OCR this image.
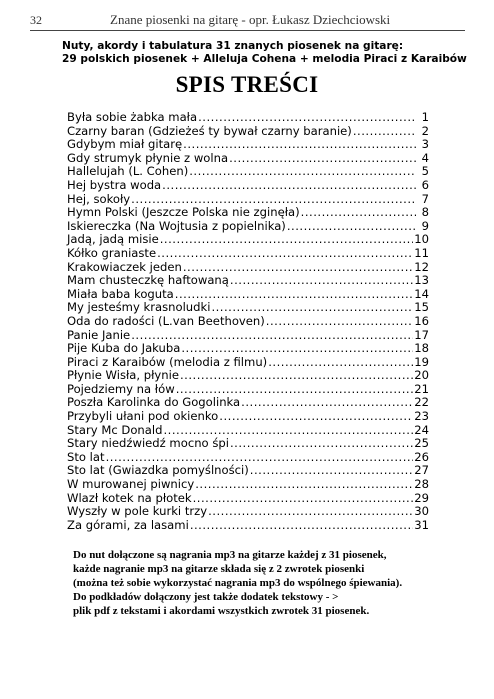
32	Znane piosenki na gitarę - opr. Łukasz Dziechciowski
Nuty, akordy i tabulatura 31 znanych piosenek na gitarę:
29 polskich piosenek + Alleluja Cohena + melodia Piraci z Karaibów
SPIS TREŚCI
Była sobie żabka mała .....	1
Czarny baran (Gdzieżeś ty bywał czarny baranie) .....	2
Gdybym miał gitarę .....	3
Gdy strumyk płynie z wolna .....	4
Hallelujah (L. Cohen) .....	5
Hej bystra woda .....	6
Hej, sokoły .....	7
Hymn Polski (Jeszcze Polska nie zginęła) .....	8
Iskiereczka (Na Wojtusia z popielnika) .....	9
Jadą, jadą misie .....	10
Kółko graniaste .....	11
Krakowiaczek jeden .....	12
Mam chusteczkę haftowaną .....	13
Miała baba koguta .....	14
My jesteśmy krasnoludki .....	15
Oda do radości (L.van Beethoven) .....	16
Panie Janie .....	17
Pije Kuba do Jakuba .....	18
Piraci z Karaibów (melodia z filmu) .....	19
Płynie Wisła, płynie .....	20
Pojedziemy na łów .....	21
Poszła Karolinka do Gogolinka .....	22
Przybyli ułani pod okienko .....	23
Stary Mc Donald .....	24
Stary niedźwiedź mocno śpi .....	25
Sto lat .....	26
Sto lat (Gwiazdka pomyślności) .....	27
W murowanej piwnicy .....	28
Wlazł kotek na płotek .....	29
Wyszły w pole kurki trzy .....	30
Za górami, za lasami .....	31
Do nut dołączone są nagrania mp3 na gitarze każdej z 31 piosenek,
każde nagranie mp3 na gitarze składa się z 2 zwrotek piosenki
(można też sobie wykorzystać nagrania mp3 do wspólnego śpiewania).
Do podkładów dołączony jest także dodatek tekstowy - >
plik pdf z tekstami i akordami wszystkich zwrotek 31 piosenek.
